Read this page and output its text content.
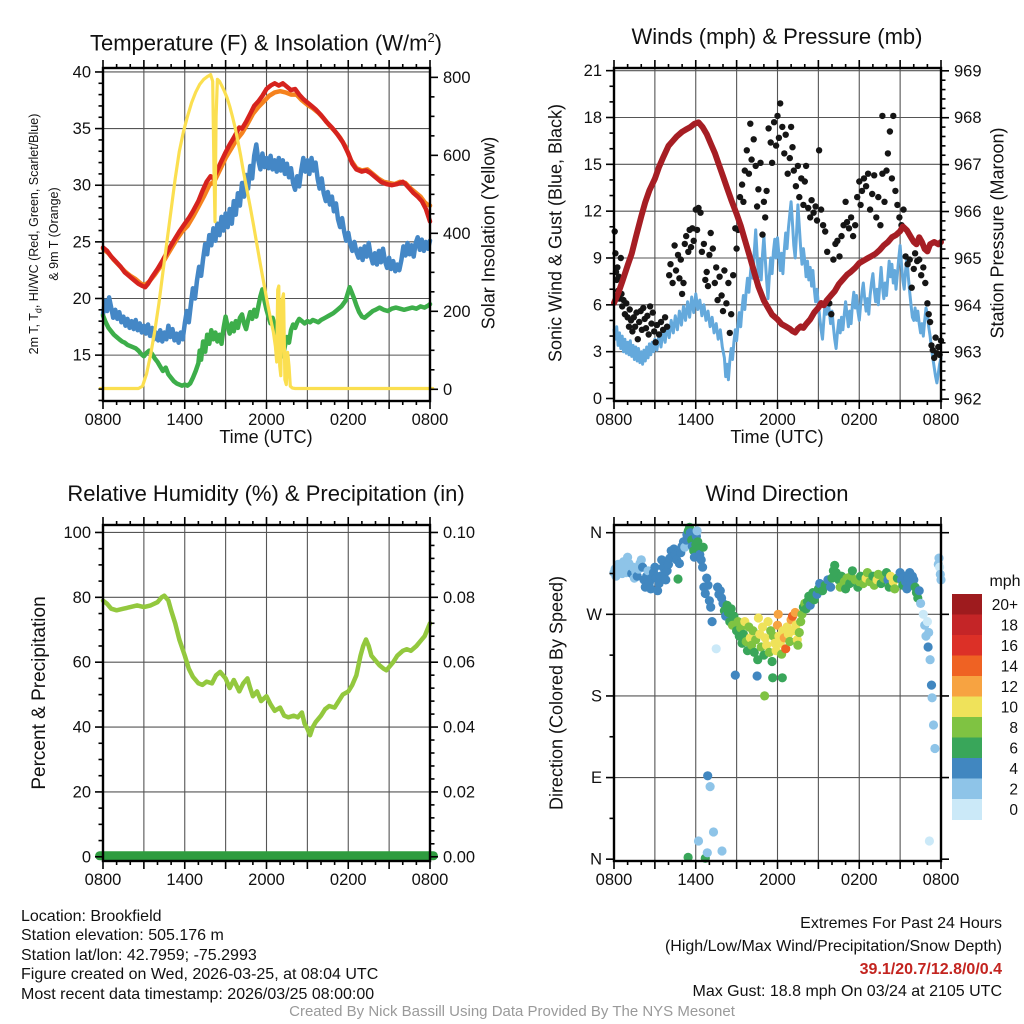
Temperature (F) & Insolation $(W/m^2)$
2m T, $T_d$, HI/WC (Red, Green, Scarlet/Blue) & 9m T (Orange)	Solar Insolation (Yellow)
Time (UTC)
0800	1400	2000	0200	0800
15
20
25
30
35
40
0
200
400
600
800
Winds (mph) & Pressure (mb)
Sonic Wind & Gust (Blue, Black)	Station Pressure (Maroon)
Time (UTC)
0800	1400	2000	0200	0800
0
3
6
9
12
15
18
21
962
963
964
965
966
967
968
969
Relative Humidity (%) & Precipitation (in)
Percent & Precipitation
0800	1400	2000	0200	0800
0
20
40
60
80
100
0.00
0.02
0.04
0.06
0.08
0.10
Wind Direction
Direction (Colored By Speed)
0800	1400	2000	0200	0800
N
W
S
E
N
mph
20+
18
16
14
12
10
8
6
4
2
0
Location: Brookfield
Station elevation: 505.176 m
Station lat/lon: 42.7959; -75.2993
Figure created on Wed, 2026-03-25, at 08:04 UTC
Most recent data timestamp: 2026/03/25 08:00:00
Extremes For Past 24 Hours
(High/Low/Max Wind/Precipitation/Snow Depth)
39.1/20.7/12.8/0/0.4
Max Gust: 18.8 mph On 03/24 at 2105 UTC
Created By Nick Bassill Using Data Provided By The NYS Mesonet
